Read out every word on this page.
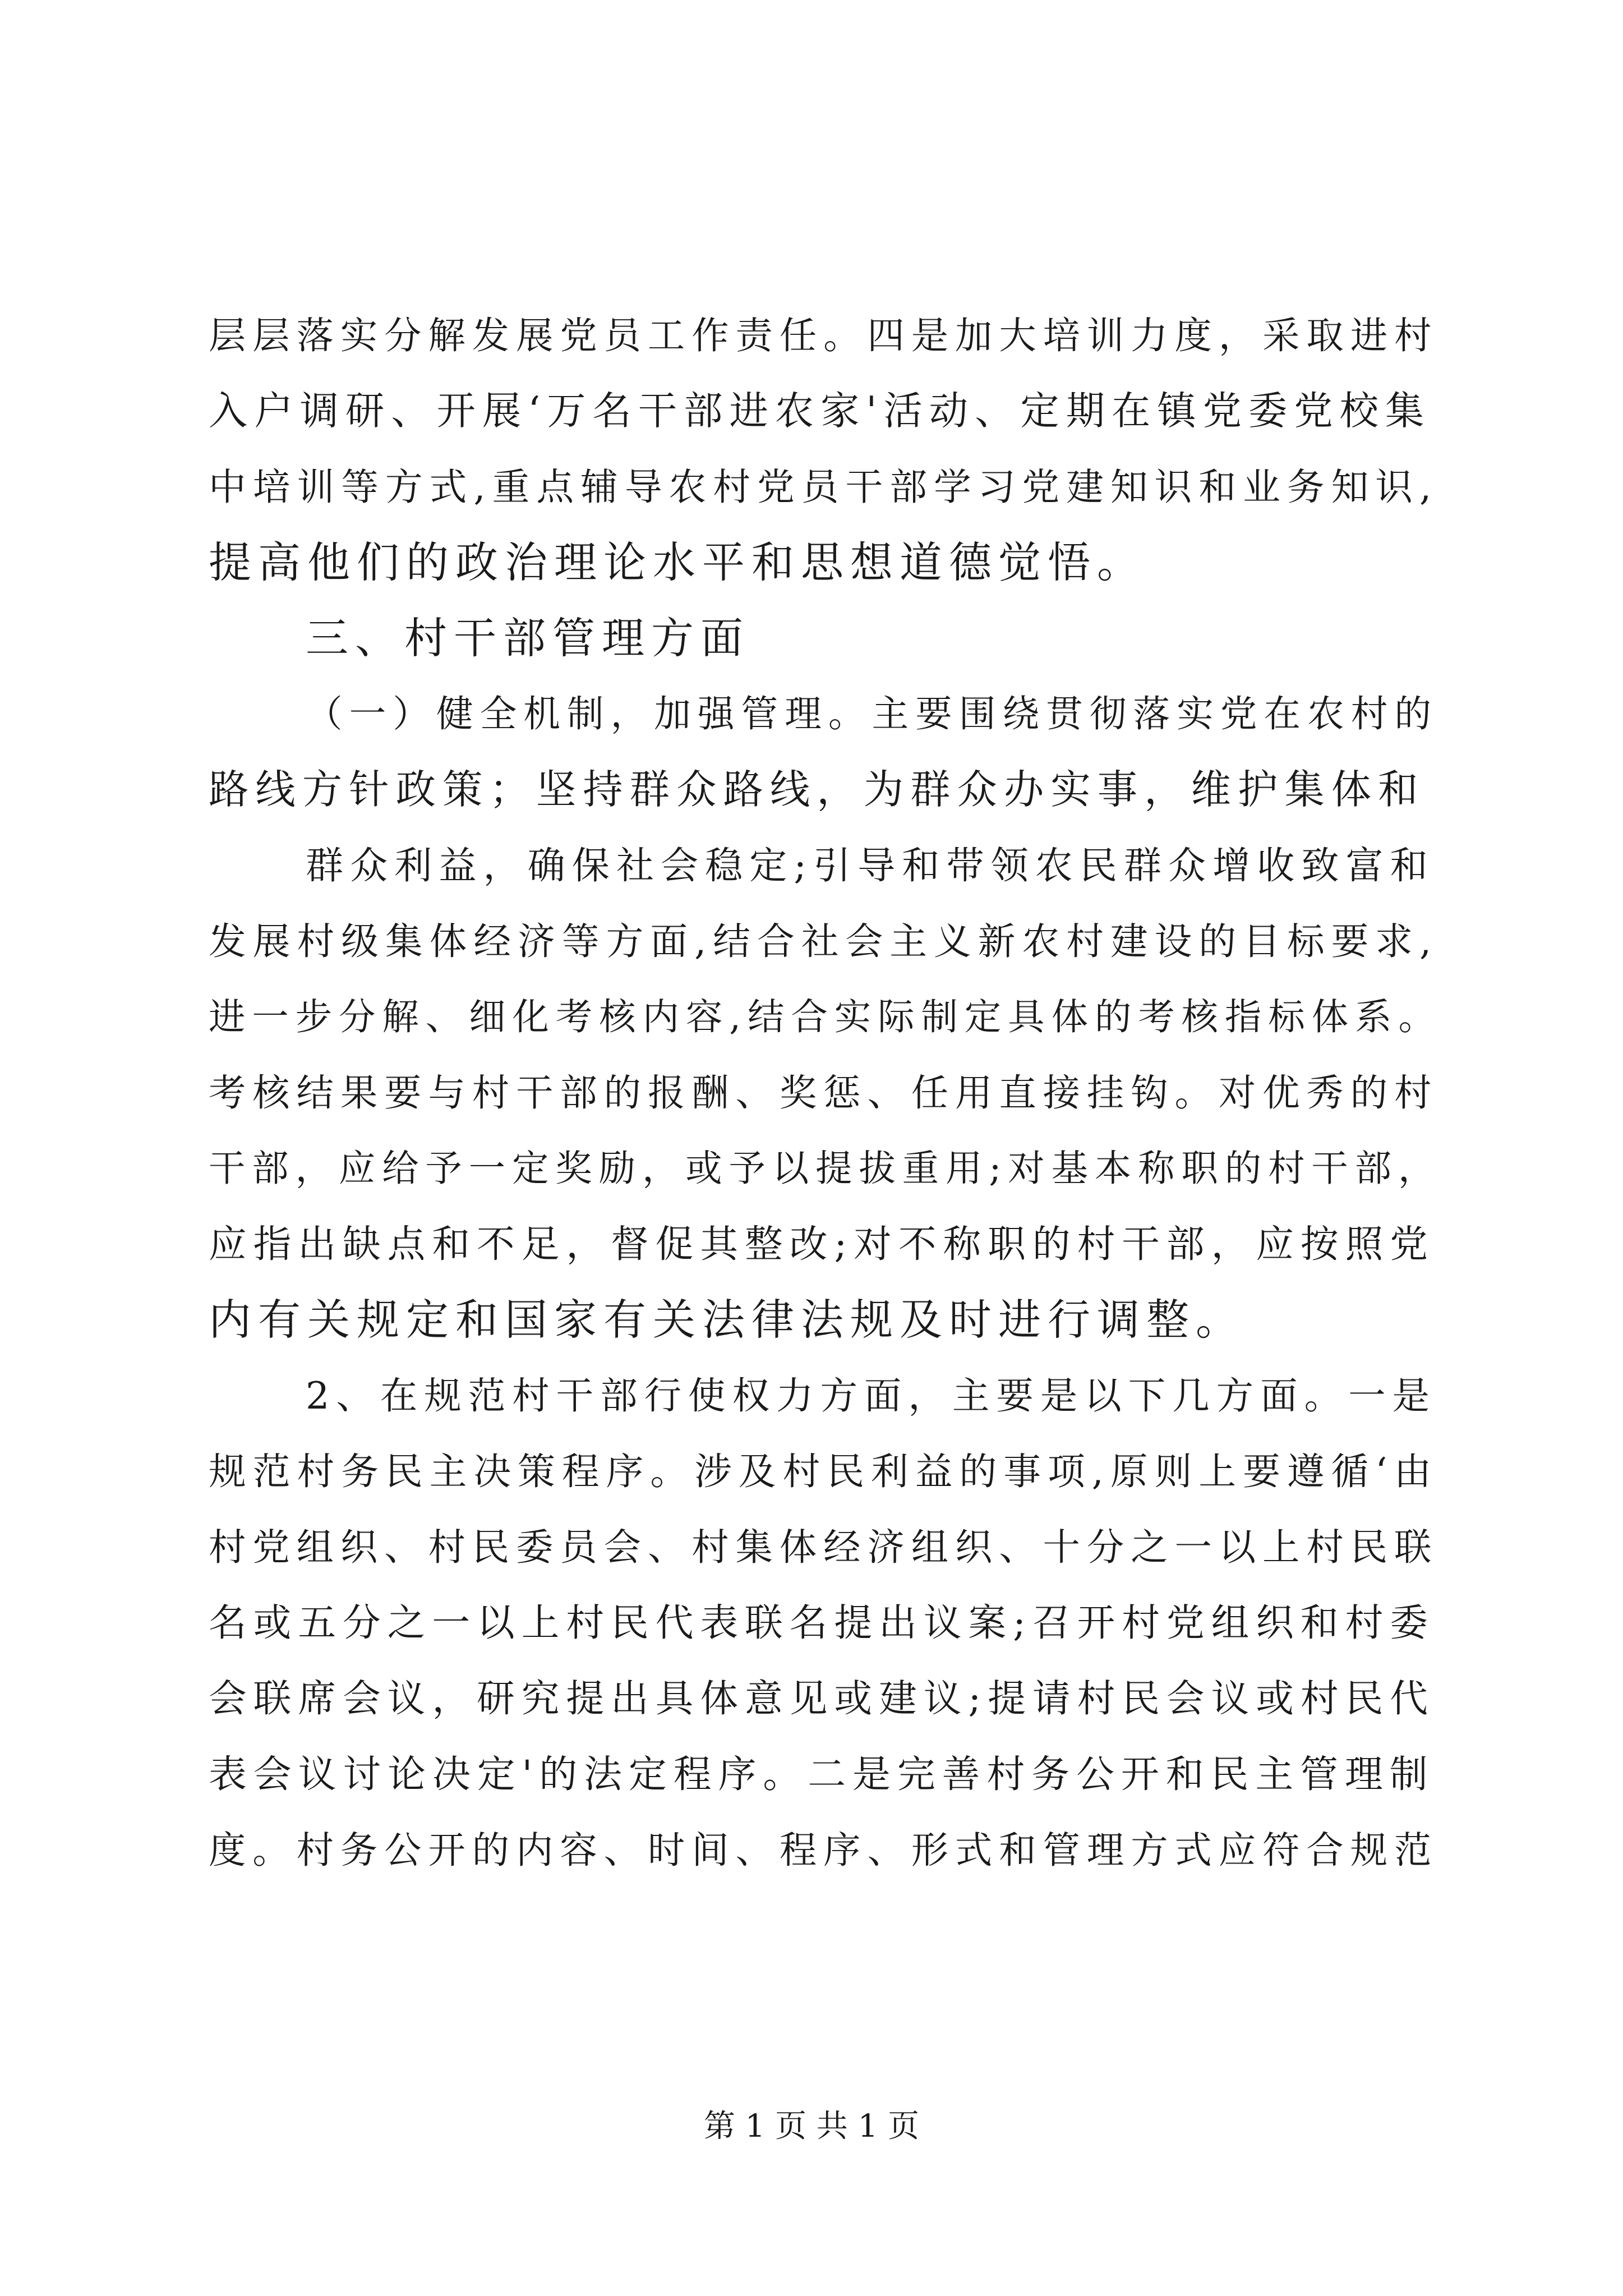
层层落实分解发展党员工作责任。四是加大培训力度，采取进村
入户调研、开展‘万名干部进农家'活动、定期在镇党委党校集
中培训等方式,重点辅导农村党员干部学习党建知识和业务知识,
提高他们的政治理论水平和思想道德觉悟。
三、村干部管理方面
（一）健全机制，加强管理。主要围绕贯彻落实党在农村的
路线方针政策；坚持群众路线，为群众办实事，维护集体和
群众利益，确保社会稳定;引导和带领农民群众增收致富和
发展村级集体经济等方面,结合社会主义新农村建设的目标要求,
进一步分解、细化考核内容,结合实际制定具体的考核指标体系。
考核结果要与村干部的报酬、奖惩、任用直接挂钩。对优秀的村
干部，应给予一定奖励，或予以提拔重用;对基本称职的村干部，
应指出缺点和不足，督促其整改;对不称职的村干部，应按照党
内有关规定和国家有关法律法规及时进行调整。
2、在规范村干部行使权力方面，主要是以下几方面。一是
规范村务民主决策程序。涉及村民利益的事项,原则上要遵循‘由
村党组织、村民委员会、村集体经济组织、十分之一以上村民联
名或五分之一以上村民代表联名提出议案;召开村党组织和村委
会联席会议，研究提出具体意见或建议;提请村民会议或村民代
表会议讨论决定'的法定程序。二是完善村务公开和民主管理制
度。村务公开的内容、时间、程序、形式和管理方式应符合规范
第 1 页 共 1 页
